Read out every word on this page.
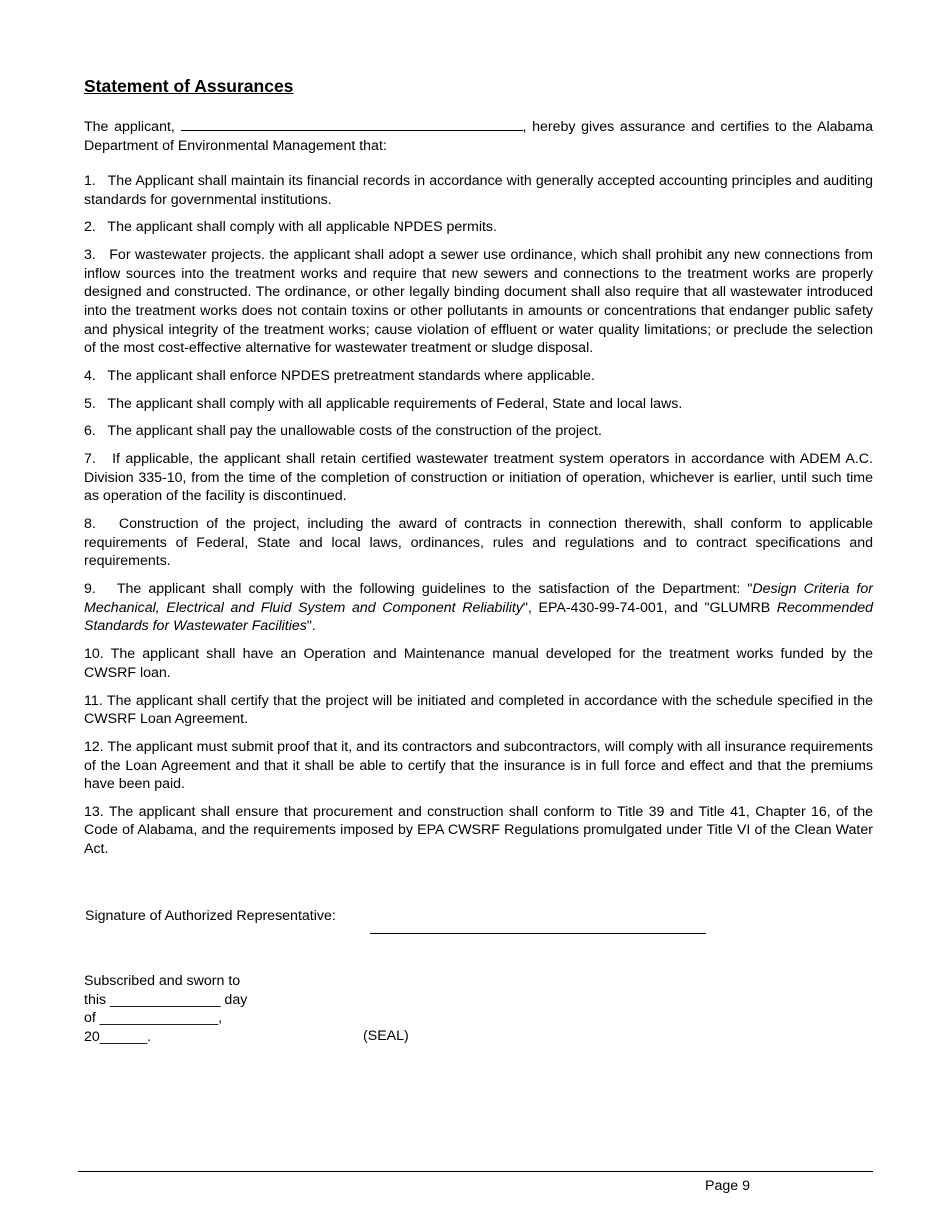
Statement of Assurances

The applicant,	, hereby gives assurance and certifies to the Alabama Department of Environmental Management that:

1. The Applicant shall maintain its financial records in accordance with generally accepted accounting principles and auditing standards for governmental institutions.

2. The applicant shall comply with all applicable NPDES permits.

3. For wastewater projects. the applicant shall adopt a sewer use ordinance, which shall prohibit any new connections from inflow sources into the treatment works and require that new sewers and connections to the treatment works are properly designed and constructed. The ordinance, or other legally binding document shall also require that all wastewater introduced into the treatment works does not contain toxins or other pollutants in amounts or concentrations that endanger public safety and physical integrity of the treatment works; cause violation of effluent or water quality limitations; or preclude the selection of the most cost-effective alternative for wastewater treatment or sludge disposal.

4. The applicant shall enforce NPDES pretreatment standards where applicable.

5. The applicant shall comply with all applicable requirements of Federal, State and local laws.

6. The applicant shall pay the unallowable costs of the construction of the project.

7. If applicable, the applicant shall retain certified wastewater treatment system operators in accordance with ADEM A.C. Division 335-10, from the time of the completion of construction or initiation of operation, whichever is earlier, until such time as operation of the facility is discontinued.

8. Construction of the project, including the award of contracts in connection therewith, shall conform to applicable requirements of Federal, State and local laws, ordinances, rules and regulations and to contract specifications and requirements.

9. The applicant shall comply with the following guidelines to the satisfaction of the Department: "Design Criteria for Mechanical, Electrical and Fluid System and Component Reliability", EPA-430-99-74-001, and "GLUMRB Recommended Standards for Wastewater Facilities".

10. The applicant shall have an Operation and Maintenance manual developed for the treatment works funded by the CWSRF loan.

11. The applicant shall certify that the project will be initiated and completed in accordance with the schedule specified in the CWSRF Loan Agreement.

12. The applicant must submit proof that it, and its contractors and subcontractors, will comply with all insurance requirements of the Loan Agreement and that it shall be able to certify that the insurance is in full force and effect and that the premiums have been paid.

13. The applicant shall ensure that procurement and construction shall conform to Title 39 and Title 41, Chapter 16, of the Code of Alabama, and the requirements imposed by EPA CWSRF Regulations promulgated under Title VI of the Clean Water Act.

Signature of Authorized Representative:
Subscribed and sworn to
this ______________ day
of _______________,
20______.	(SEAL)
Page 9
